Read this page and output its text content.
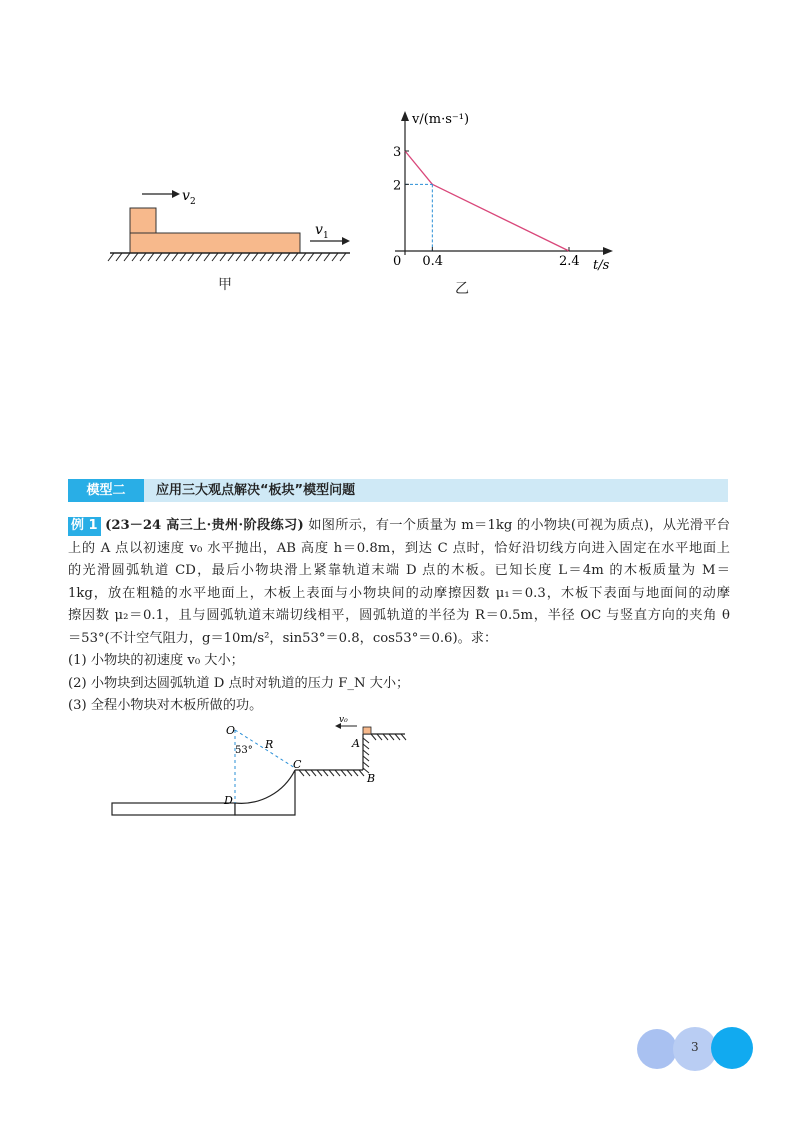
v 2
v 1
甲
v/(m·s⁻¹)
t/s
0
3
2
0.4	2.4
乙
模型二	应用三大观点解决“板块”模型问题
例 1 (23－24 高三上·贵州·阶段练习) 如图所示，有一个质量为 m＝1kg 的小物块(可视为质点)，从光滑平台
上的 A 点以初速度 v₀ 水平抛出，AB 高度 h＝0.8m，到达 C 点时，恰好沿切线方向进入固定在水平地面上
的光滑圆弧轨道 CD，最后小物块滑上紧靠轨道末端 D 点的木板。已知长度 L＝4m 的木板质量为 M＝
1kg，放在粗糙的水平地面上，木板上表面与小物块间的动摩擦因数 μ₁＝0.3，木板下表面与地面间的动摩
擦因数 μ₂＝0.1，且与圆弧轨道末端切线相平，圆弧轨道的半径为 R＝0.5m，半径 OC 与竖直方向的夹角 θ
＝53°(不计空气阻力，g＝10m/s²，sin53°＝0.8，cos53°＝0.6)。求：
(1) 小物块的初速度 v₀ 大小；
(2) 小物块到达圆弧轨道 D 点时对轨道的压力 F_N 大小；
(3) 全程小物块对木板所做的功。
v₀
O
53° R
C
D
A
B
3
